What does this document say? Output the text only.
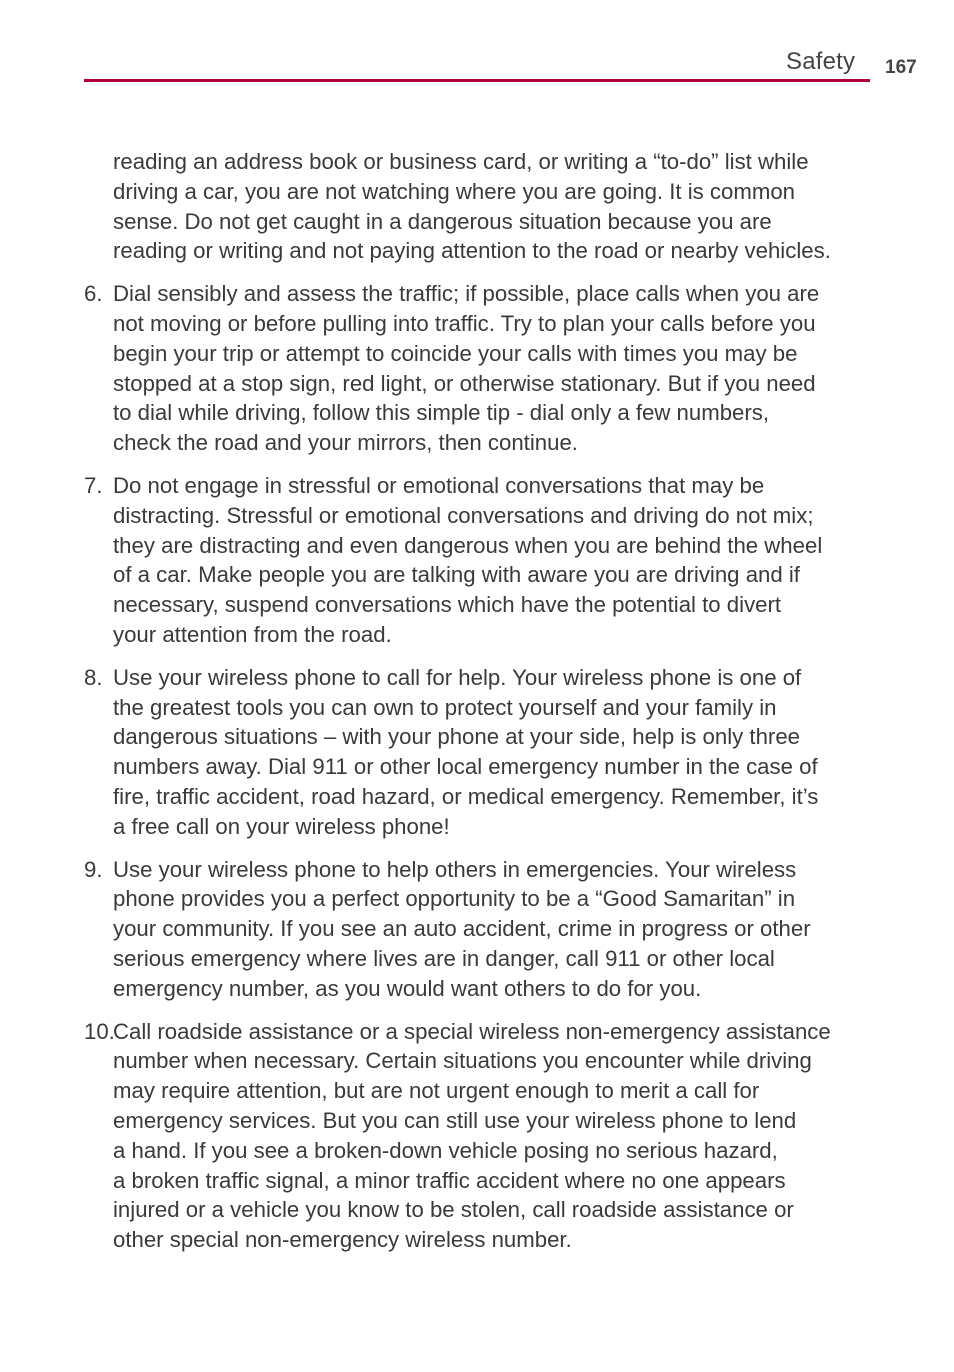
Safety 167

reading an address book or business card, or writing a “to-do” list while
driving a car, you are not watching where you are going. It is common
sense. Do not get caught in a dangerous situation because you are
reading or writing and not paying attention to the road or nearby vehicles.

6. Dial sensibly and assess the traffic; if possible, place calls when you are
not moving or before pulling into traffic. Try to plan your calls before you
begin your trip or attempt to coincide your calls with times you may be
stopped at a stop sign, red light, or otherwise stationary. But if you need
to dial while driving, follow this simple tip - dial only a few numbers,
check the road and your mirrors, then continue.
7. Do not engage in stressful or emotional conversations that may be
distracting. Stressful or emotional conversations and driving do not mix;
they are distracting and even dangerous when you are behind the wheel
of a car. Make people you are talking with aware you are driving and if
necessary, suspend conversations which have the potential to divert
your attention from the road.
8. Use your wireless phone to call for help. Your wireless phone is one of
the greatest tools you can own to protect yourself and your family in
dangerous situations – with your phone at your side, help is only three
numbers away. Dial 911 or other local emergency number in the case of
fire, traffic accident, road hazard, or medical emergency. Remember, it’s
a free call on your wireless phone!
9. Use your wireless phone to help others in emergencies. Your wireless
phone provides you a perfect opportunity to be a “Good Samaritan” in
your community. If you see an auto accident, crime in progress or other
serious emergency where lives are in danger, call 911 or other local
emergency number, as you would want others to do for you.
10.
Call roadside assistance or a special wireless non-emergency assistance
number when necessary. Certain situations you encounter while driving
may require attention, but are not urgent enough to merit a call for
emergency services. But you can still use your wireless phone to lend
a hand. If you see a broken-down vehicle posing no serious hazard,
a broken traffic signal, a minor traffic accident where no one appears
injured or a vehicle you know to be stolen, call roadside assistance or
other special non-emergency wireless number.
